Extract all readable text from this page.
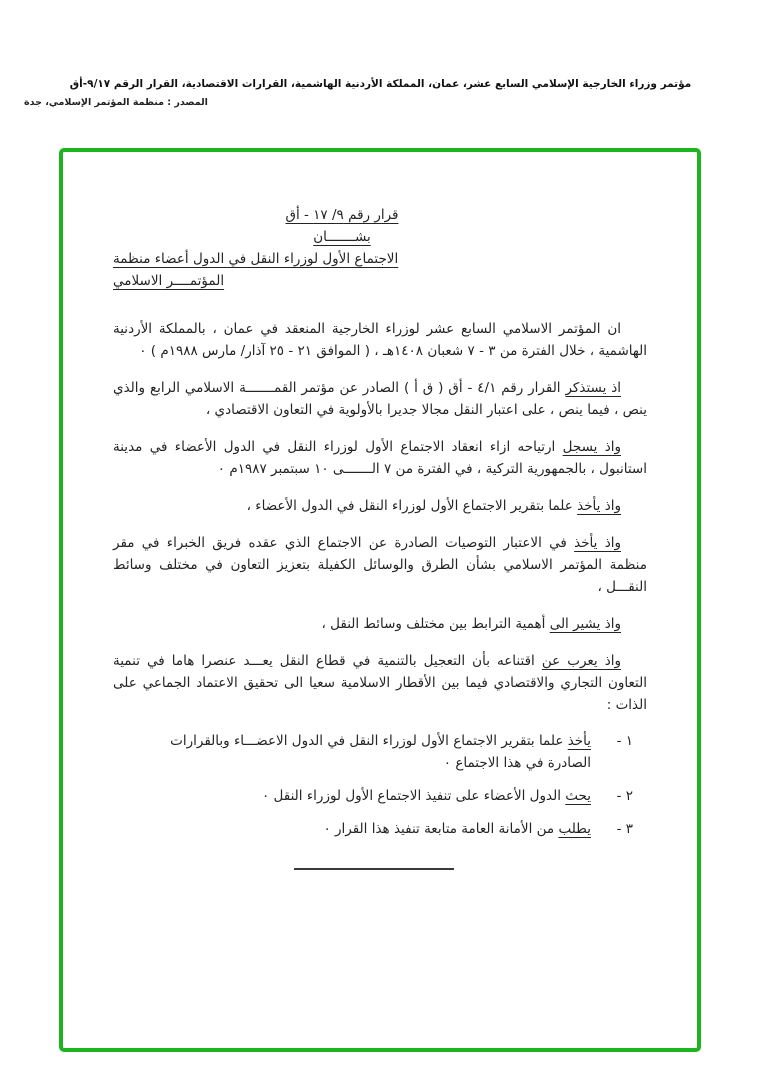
مؤتمر وزراء الخارجية الإسلامي السابع عشر، عمان، المملكة الأردنية الهاشمية، القرارات الاقتصادية، القرار الرقم ٩/١٧-أق
المصدر : منظمة المؤتمر الإسلامي، جدة
قرار رقم ٩/ ١٧ - أق
بشـــــــان
الاجتماع الأول لوزراء النقل في الدول أعضاء منظمة
المؤتمــــر الاسلامي

ان المؤتمر الاسلامي السابع عشر لوزراء الخارجية المنعقد في عمان ، بالمملكة الأردنية الهاشمية ، خلال الفترة من ٣ - ٧ شعبان ١٤٠٨هـ ، ( الموافق ٢١ - ٢٥ آذار/ مارس ١٩٨٨م ) ٠

اذ يستذكر القرار رقم ٤/١ - أق ( ق أ ) الصادر عن مؤتمر القمـــــــة الاسلامي الرابع والذي ينص ، فيما ينص ، على اعتبار النقل مجالا جديرا بالأولوية في التعاون الاقتصادي ،

واذ يسجل ارتياحه ازاء انعقاد الاجتماع الأول لوزراء النقل في الدول الأعضاء في مدينة استانبول ، بالجمهورية التركية ، في الفترة من ٧ الـــــــى ١٠ سبتمبر ١٩٨٧م ٠

واذ يأخذ علما بتقرير الاجتماع الأول لوزراء النقل في الدول الأعضاء ،

واذ يأخذ في الاعتبار التوصيات الصادرة عن الاجتماع الذي عقده فريق الخبراء في مقر منظمة المؤتمر الاسلامي بشأن الطرق والوسائل الكفيلة بتعزيز التعاون في مختلف وسائط النقـــل ،

واذ يشير الى أهمية الترابط بين مختلف وسائط النقل ،

واذ يعرب عن اقتناعه بأن التعجيل بالتنمية في قطاع النقل يعـــد عنصرا هاما في تنمية التعاون التجاري والاقتصادي فيما بين الأقطار الاسلامية سعيا الى تحقيق الاعتماد الجماعي على الذات :

١ -
يأخذ علما بتقرير الاجتماع الأول لوزراء النقل في الدول الاعضـــاء وبالقرارات الصادرة في هذا الاجتماع ٠
٢ -
يحث الدول الأعضاء على تنفيذ الاجتماع الأول لوزراء النقل ٠
٣ -
يطلب من الأمانة العامة متابعة تنفيذ هذا القرار ٠
